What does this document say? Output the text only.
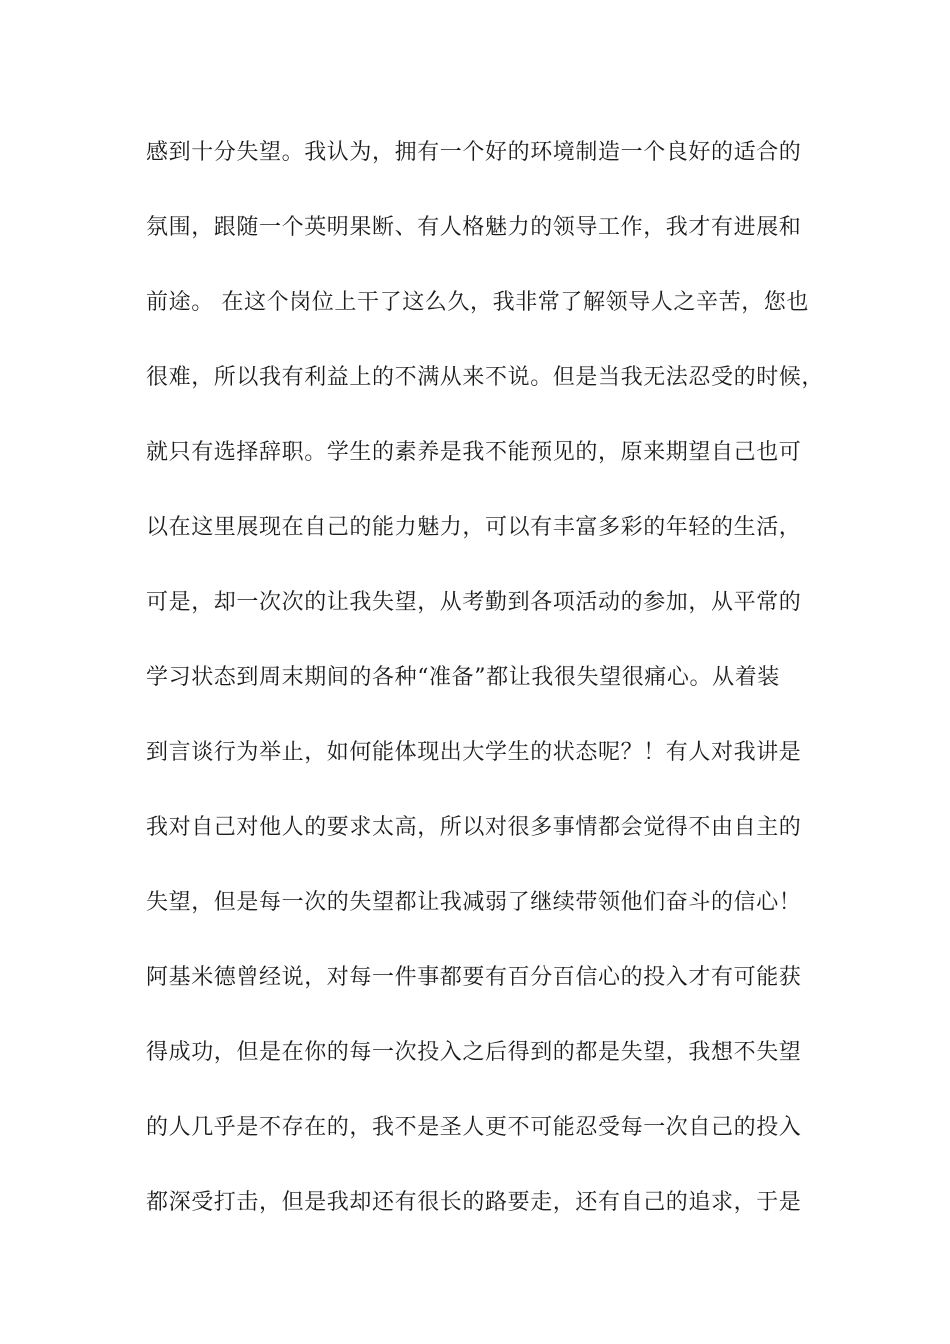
感到十分失望。我认为，拥有一个好的环境制造一个良好的适合的
氛围，跟随一个英明果断、有人格魅力的领导工作，我才有进展和
前途。 在这个岗位上干了这么久，我非常了解领导人之辛苦，您也
很难，所以我有利益上的不满从来不说。但是当我无法忍受的时候，
就只有选择辞职。学生的素养是我不能预见的，原来期望自己也可
以在这里展现在自己的能力魅力，可以有丰富多彩的年轻的生活，
可是，却一次次的让我失望，从考勤到各项活动的参加，从平常的
学习状态到周末期间的各种“准备”都让我很失望很痛心。从着装
到言谈行为举止，如何能体现出大学生的状态呢？！有人对我讲是
我对自己对他人的要求太高，所以对很多事情都会觉得不由自主的
失望，但是每一次的失望都让我减弱了继续带领他们奋斗的信心！
阿基米德曾经说，对每一件事都要有百分百信心的投入才有可能获
得成功，但是在你的每一次投入之后得到的都是失望，我想不失望
的人几乎是不存在的，我不是圣人更不可能忍受每一次自己的投入
都深受打击，但是我却还有很长的路要走，还有自己的追求，于是
